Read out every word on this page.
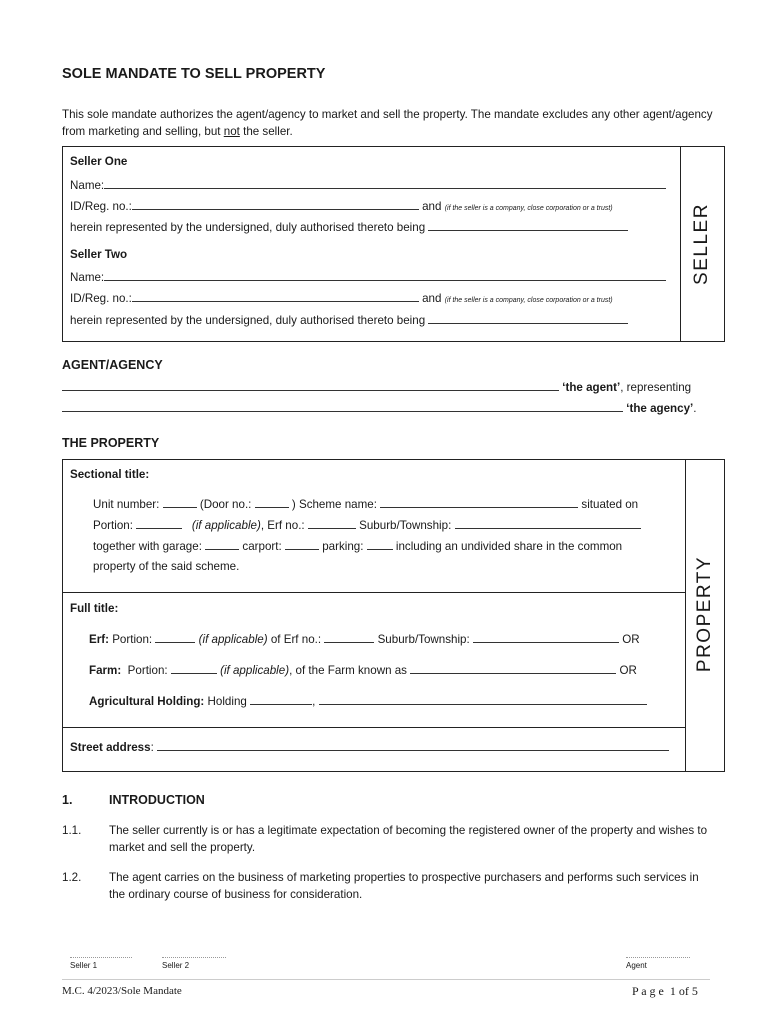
SOLE MANDATE TO SELL PROPERTY
This sole mandate authorizes the agent/agency to market and sell the property. The mandate excludes any other agent/agency from marketing and selling, but not the seller.
SELLER
Seller One
Name:
ID/Reg. no.:	and (if the seller is a company, close corporation or a trust)
herein represented by the undersigned, duly authorised thereto being
Seller Two
Name:
ID/Reg. no.:	and (if the seller is a company, close corporation or a trust)
herein represented by the undersigned, duly authorised thereto being
AGENT/AGENCY
‘the agent’, representing
‘the agency’.
THE PROPERTY
PROPERTY
Sectional title:
Unit number:	(Door no.:	) Scheme name:	situated on
Portion:	(if applicable), Erf no.:	Suburb/Township:
together with garage:	carport:	parking:	including an undivided share in the common
property of the said scheme.
Full title:
Erf: Portion:	(if applicable) of Erf no.:	Suburb/Township:	OR
Farm: Portion:	(if applicable), of the Farm known as	OR
Agricultural Holding: Holding	,
Street address:
1.	INTRODUCTION
1.1. The seller currently is or has a legitimate expectation of becoming the registered owner of the property and wishes to market and sell the property.
1.2. The agent carries on the business of marketing properties to prospective purchasers and performs such services in the ordinary course of business for consideration.
Seller 1	Seller 2	Agent
M.C. 4/2023/Sole Mandate	P a g e 1 of 5
